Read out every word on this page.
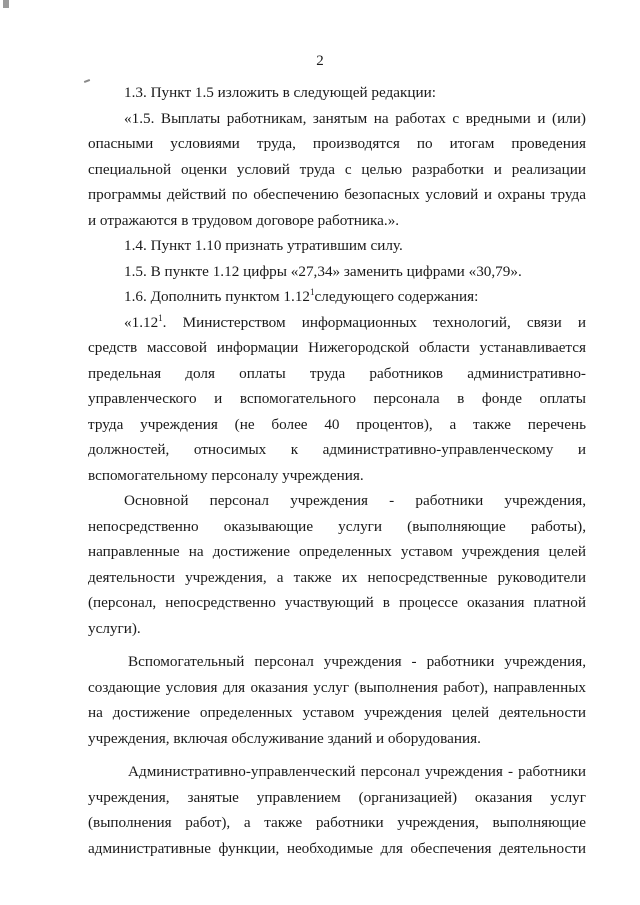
2

1.3. Пункт 1.5 изложить в следующей редакции:

«1.5. Выплаты работникам, занятым на работах с вредными и (или)

опасными условиями труда, производятся по итогам проведения

специальной оценки условий труда с целью разработки и реализации

программы действий по обеспечению безопасных условий и охраны труда

и отражаются в трудовом договоре работника.».

1.4. Пункт 1.10 признать утратившим силу.

1.5. В пункте 1.12 цифры «27,34» заменить цифрами «30,79».

1.6. Дополнить пунктом 1.12$^1$следующего содержания:

«1.12$^1$. Министерством информационных технологий, связи и

средств массовой информации Нижегородской области устанавливается

предельная доля оплаты труда работников административно-

управленческого и вспомогательного персонала в фонде оплаты

труда учреждения (не более 40 процентов), а также перечень

должностей, относимых к административно-управленческому и

вспомогательному персоналу учреждения.

Основной персонал учреждения - работники учреждения,

непосредственно оказывающие услуги (выполняющие работы),

направленные на достижение определенных уставом учреждения целей

деятельности учреждения, а также их непосредственные руководители

(персонал, непосредственно участвующий в процессе оказания платной

услуги).

Вспомогательный персонал учреждения - работники учреждения,

создающие условия для оказания услуг (выполнения работ), направленных

на достижение определенных уставом учреждения целей деятельности

учреждения, включая обслуживание зданий и оборудования.

Административно-управленческий персонал учреждения - работники

учреждения, занятые управлением (организацией) оказания услуг

(выполнения работ), а также работники учреждения, выполняющие

административные функции, необходимые для обеспечения деятельности
